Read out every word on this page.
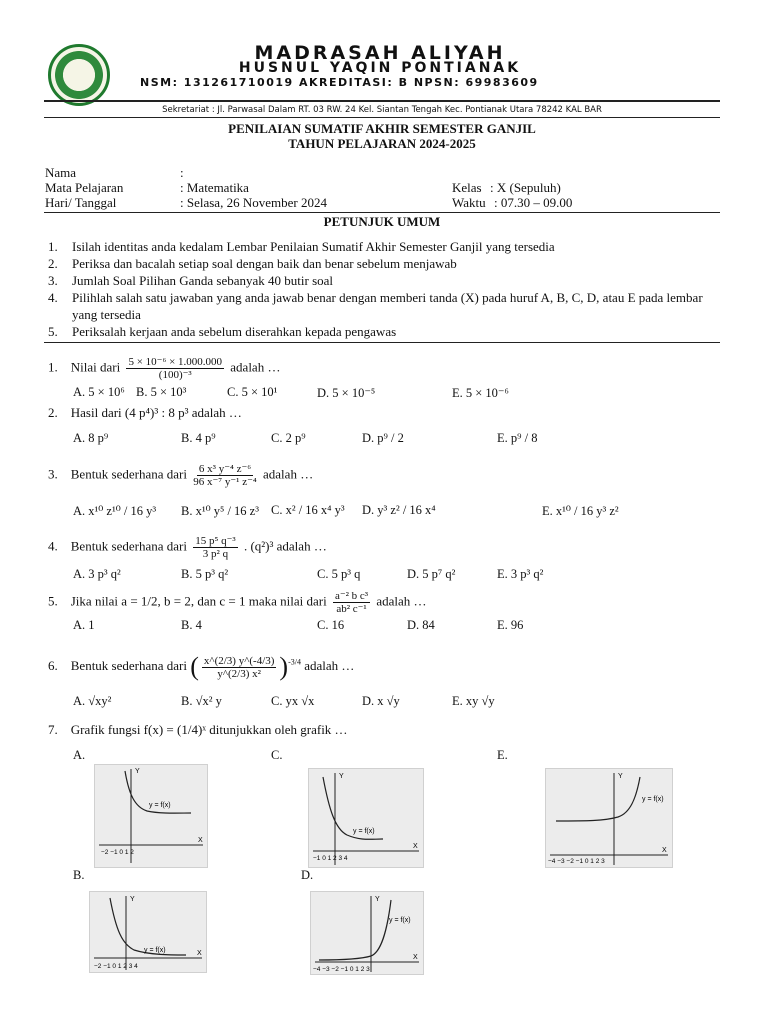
MADRASAH ALIYAH
HUSNUL YAQIN PONTIANAK
NSM: 131261710019 AKREDITASI: B NPSN: 69983609
Sekretariat : Jl. Parwasal Dalam RT. 03 RW. 24 Kel. Siantan Tengah Kec. Pontianak Utara 78242 KAL BAR
PENILAIAN SUMATIF AKHIR SEMESTER GANJIL
TAHUN PELAJARAN 2024-2025
Nama	:
Mata Pelajaran	: Matematika	Kelas : X (Sepuluh)
Hari/ Tanggal	: Selasa, 26 November 2024	Waktu : 07.30 – 09.00
PETUNJUK UMUM
1.	Isilah identitas anda kedalam Lembar Penilaian Sumatif Akhir Semester Ganjil yang tersedia
2.	Periksa dan bacalah setiap soal dengan baik dan benar sebelum menjawab
3.	Jumlah Soal Pilihan Ganda sebanyak 40 butir soal
4.	Pilihlah salah satu jawaban yang anda jawab benar dengan memberi tanda (X) pada huruf A, B, C, D, atau E pada lembar yang tersedia
5.	Periksalah kerjaan anda sebelum diserahkan kepada pengawas
1. Nilai dari $\frac{\text{5 × 10⁻⁶ × 1.000.000}}{\text{(100)⁻³}}$ adalah …
A. 5 × 10⁶ B. 5 × 10³	C. 5 × 10¹	D. 5 × 10⁻⁵	E. 5 × 10⁻⁶
2. Hasil dari (4 p⁴)³ : 8 p³ adalah …
A. 8 p⁹	B. 4 p⁹	C. 2 p⁹	D. p⁹ / 2	E. p⁹ / 8
3. Bentuk sederhana dari $\frac{\text{6 x³ y⁻⁴ z⁻⁶}}{\text{96 x⁻⁷ y⁻¹ z⁻⁴}}$ adalah …
A. x¹⁰ z¹⁰ / 16 y³ B. x¹⁰ y⁵ / 16 z³ C. x² / 16 x⁴ y³ D. y³ z² / 16 x⁴	E. x¹⁰ / 16 y³ z²
4. Bentuk sederhana dari $\frac{\text{15 p⁵ q⁻³}}{\text{3 p² q}}$ . (q²)³ adalah …
A. 3 p³ q²	B. 5 p³ q²	C. 5 p³ q	D. 5 p⁷ q²	E. 3 p³ q²
5. Jika nilai a = 1/2, b = 2, dan c = 1 maka nilai dari $\frac{\text{a⁻² b c³}}{\text{ab² c⁻¹}}$ adalah …
A. 1	B. 4	C. 16	D. 84	E. 96
6. Bentuk sederhana dari ( $\frac{x\^{}(2/3) y\^{}(-4/3)}{\text{y\textasciicircum{}(2/3) x²}} )^{-3/4}$ adalah …
A. √xy²	B. √x² y	C. yx √x	D. x √y	E. xy √y
7. Grafik fungsi f(x) = (1/4)ˣ ditunjukkan oleh grafik …
A.	C.	E.
B.	D.
y = f(x)
X
Y
−2 −1 0 1 2
y = f(x)
X
Y
−1 0 1 2 3 4
y = f(x)
X
Y
−4 −3 −2 −1 0 1 2 3
y = f(x)	X
Y
−2 −1 0 1 2 3 4
y = f(x)
X
Y
−4 −3 −2 −1 0 1 2 3
